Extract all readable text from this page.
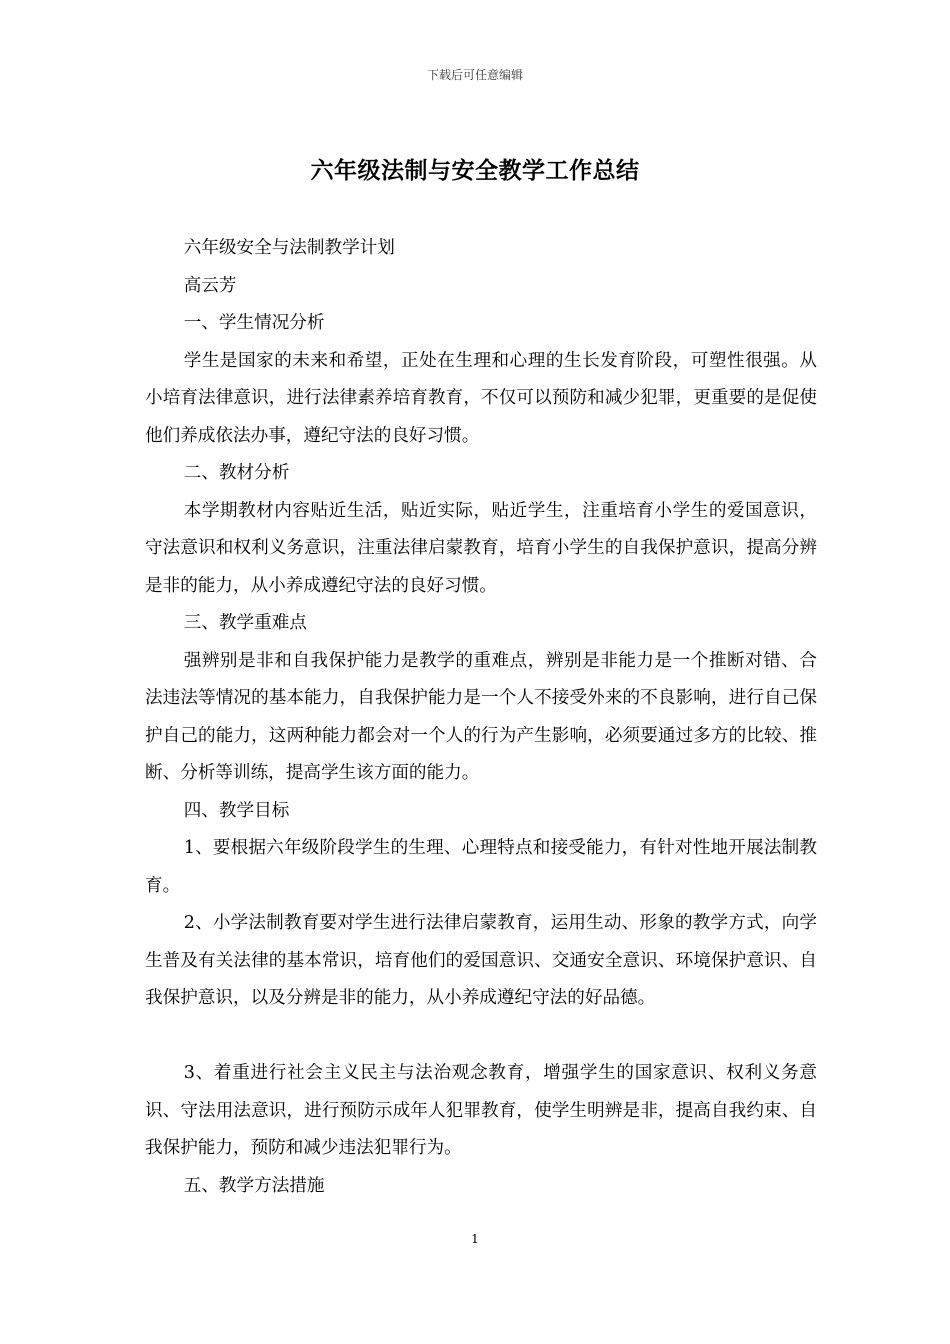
下载后可任意编辑
六年级法制与安全教学工作总结

六年级安全与法制教学计划

高云芳

一、学生情况分析

学生是国家的未来和希望，正处在生理和心理的生长发育阶段，可塑性很强。从小培育法律意识，进行法律素养培育教育，不仅可以预防和减少犯罪，更重要的是促使他们养成依法办事，遵纪守法的良好习惯。

二、教材分析

本学期教材内容贴近生活，贴近实际，贴近学生，注重培育小学生的爱国意识，守法意识和权利义务意识，注重法律启蒙教育，培育小学生的自我保护意识，提高分辨是非的能力，从小养成遵纪守法的良好习惯。

三、教学重难点

强辨别是非和自我保护能力是教学的重难点，辨别是非能力是一个推断对错、合法违法等情况的基本能力，自我保护能力是一个人不接受外来的不良影响，进行自己保护自己的能力，这两种能力都会对一个人的行为产生影响，必须要通过多方的比较、推断、分析等训练，提高学生该方面的能力。

四、教学目标

1、要根据六年级阶段学生的生理、心理特点和接受能力，有针对性地开展法制教育。

2、小学法制教育要对学生进行法律启蒙教育，运用生动、形象的教学方式，向学生普及有关法律的基本常识，培育他们的爱国意识、交通安全意识、环境保护意识、自我保护意识，以及分辨是非的能力，从小养成遵纪守法的好品德。

3、着重进行社会主义民主与法治观念教育，增强学生的国家意识、权利义务意识、守法用法意识，进行预防示成年人犯罪教育，使学生明辨是非，提高自我约束、自我保护能力，预防和减少违法犯罪行为。

五、教学方法措施

1
